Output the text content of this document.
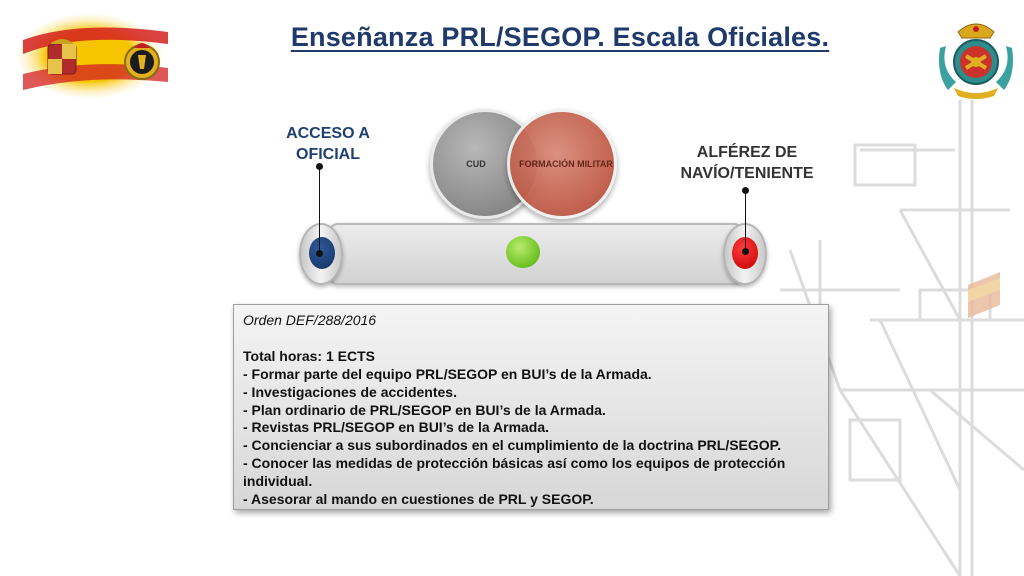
Enseñanza PRL/SEGOP. Escala Oficiales.
ACCESO A OFICIAL	ALFÉREZ DE NAVÍO/TENIENTE
CUD	FORMACIÓN MILITAR
Orden DEF/288/2016
Total horas: 1 ECTS
- Formar parte del equipo PRL/SEGOP en BUI’s de la Armada.
- Investigaciones de accidentes.
- Plan ordinario de PRL/SEGOP en BUI’s de la Armada.
- Revistas PRL/SEGOP en BUI’s de la Armada.
- Concienciar a sus subordinados en el cumplimiento de la doctrina PRL/SEGOP.
- Conocer las medidas de protección básicas así como los equipos de protección individual.
- Asesorar al mando en cuestiones de PRL y SEGOP.
